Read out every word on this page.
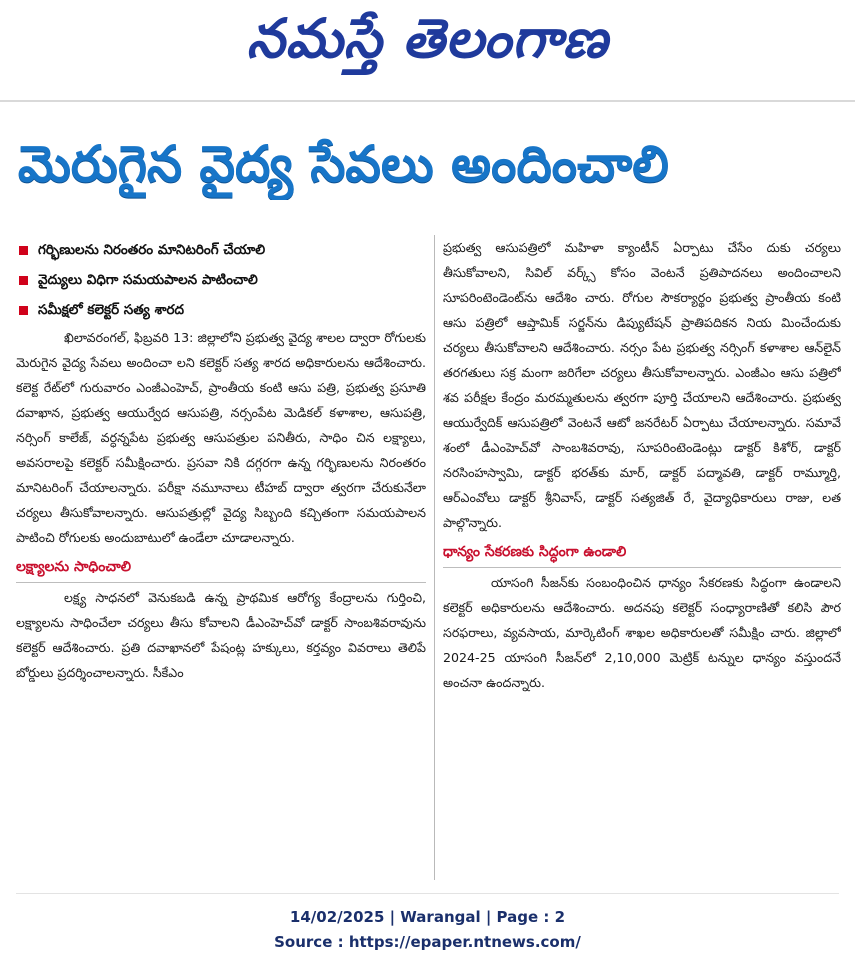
నమస్తే తెలంగాణ
మెరుగైన వైద్య సేవలు అందించాలి
గర్భిణులను నిరంతరం మానిటరింగ్‌ చేయాలి
వైద్యులు విధిగా సమయపాలన పాటించాలి
సమీక్షలో కలెక్టర్‌ సత్య శారద

ఖిలావరంగల్‌, ఫిబ్రవరి 13: జిల్లాలోని ప్రభుత్వ వైద్య శాలల ద్వారా రోగులకు మెరుగైన వైద్య సేవలు అందించా లని కలెక్టర్‌ సత్య శారద అధికారులను ఆదేశించారు. కలెక్ట రేట్‌లో గురువారం ఎంజీఎంహెచ్‌, ప్రాంతీయ కంటి ఆసు పత్రి, ప్రభుత్వ ప్రసూతి దవాఖాన, ప్రభుత్వ ఆయుర్వేద ఆసుపత్రి, నర్సంపేట మెడికల్‌ కళాశాల, ఆసుపత్రి, నర్సింగ్‌ కాలేజ్‌, వర్ధన్నపేట ప్రభుత్వ ఆసుపత్రుల పనితీరు, సాధిం చిన లక్ష్యాలు, అవసరాలపై కలెక్టర్‌ సమీక్షించారు. ప్రసవా నికి దగ్గరగా ఉన్న గర్భిణులను నిరంతరం మానిటరింగ్‌ చేయాలన్నారు. పరీక్షా నమూనాలు టీహబ్‌ ద్వారా త్వరగా చేరుకునేలా చర్యలు తీసుకోవాలన్నారు. ఆసుపత్రుల్లో వైద్య సిబ్బంది కచ్చితంగా సమయపాలన పాటించి రోగులకు అందుబాటులో ఉండేలా చూడాలన్నారు.

లక్ష్యాలను సాధించాలి

లక్ష్య సాధనలో వెనుకబడి ఉన్న ప్రాథమిక ఆరోగ్య కేంద్రాలను గుర్తించి, లక్ష్యాలను సాధించేలా చర్యలు తీసు కోవాలని డీఎంహెచ్‌వో డాక్టర్‌ సాంబశివరావును కలెక్టర్‌ ఆదేశించారు. ప్రతి దవాఖానలో పేషంట్ల హక్కులు, కర్తవ్యం వివరాలు తెలిపే బోర్డులు ప్రదర్శించాలన్నారు. సీకేఎం

ప్రభుత్వ ఆసుపత్రిలో మహిళా క్యాంటీన్‌ ఏర్పాటు చేసేం దుకు చర్యలు తీసుకోవాలని, సివిల్‌ వర్క్స్‌ కోసం వెంటనే ప్రతిపాదనలు అందించాలని సూపరింటెండెంట్‌ను ఆదేశిం చారు. రోగుల సౌకర్యార్థం ప్రభుత్వ ప్రాంతీయ కంటి ఆసు పత్రిలో ఆప్తామిక్‌ సర్జన్‌ను డిప్యుటేషన్‌ ప్రాతిపదికన నియ మించేందుకు చర్యలు తీసుకోవాలని ఆదేశించారు. నర్సం పేట ప్రభుత్వ నర్సింగ్‌ కళాశాల ఆన్‌లైన్‌ తరగతులు సక్ర మంగా జరిగేలా చర్యలు తీసుకోవాలన్నారు. ఎంజీఎం ఆసు పత్రిలో శవ పరీక్షల కేంద్రం మరమ్మతులను త్వరగా పూర్తి చేయాలని ఆదేశించారు. ప్రభుత్వ ఆయుర్వేదిక్‌ ఆసుపత్రిలో వెంటనే ఆటో జనరేటర్‌ ఏర్పాటు చేయాలన్నారు. సమావే శంలో డీఎంహెచ్‌వో సాంబశివరావు, సూపరింటెండెంట్లు డాక్టర్‌ కిశోర్‌, డాక్టర్‌ నరసింహస్వామి, డాక్టర్‌ భరత్‌కు మార్‌, డాక్టర్‌ పద్మావతి, డాక్టర్‌ రామ్మూర్తి, ఆర్‌ఎంవోలు డాక్టర్‌ శ్రీనివాస్‌, డాక్టర్‌ సత్యజిత్‌ రే, వైద్యాధికారులు రాజు, లత పాల్గొన్నారు.

ధాన్యం సేకరణకు సిద్ధంగా ఉండాలి

యాసంగి సీజన్‌కు సంబంధించిన ధాన్యం సేకరణకు సిద్ధంగా ఉండాలని కలెక్టర్‌ అధికారులను ఆదేశించారు. అదనపు కలెక్టర్‌ సంధ్యారాణితో కలిసి పౌర సరఫరాలు, వ్యవసాయ, మార్కెటింగ్‌ శాఖల అధికారులతో సమీక్షిం చారు. జిల్లాలో 2024-25 యాసంగి సీజన్‌లో 2,10,000 మెట్రిక్‌ టన్నుల ధాన్యం వస్తుందనే అంచనా ఉందన్నారు.

14/02/2025 | Warangal | Page : 2
Source : https://epaper.ntnews.com/
